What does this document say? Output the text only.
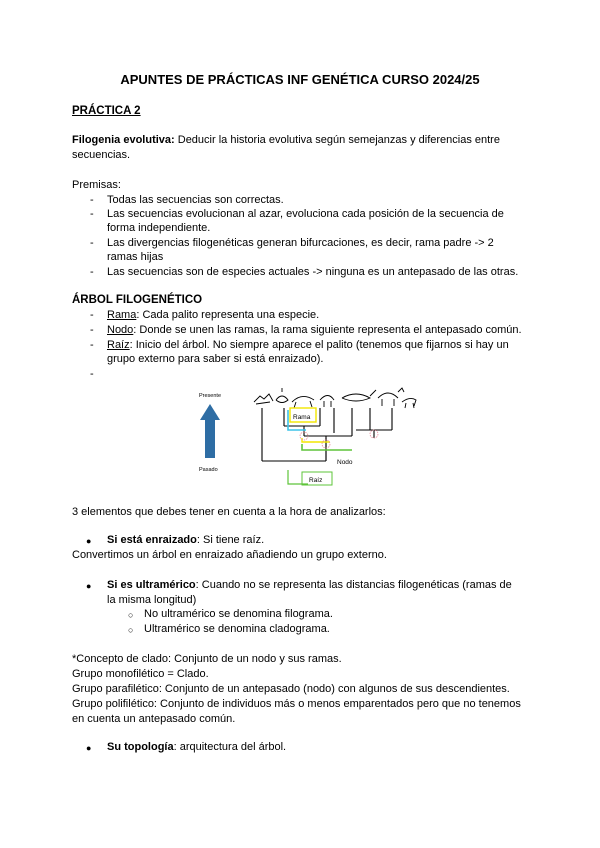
APUNTES DE PRÁCTICAS INF GENÉTICA CURSO 2024/25
PRÁCTICA 2
Filogenia evolutiva: Deducir la historia evolutiva según semejanzas y diferencias entre
secuencias.
Premisas:
- Todas las secuencias son correctas.
- Las secuencias evolucionan al azar, evoluciona cada posición de la secuencia de
forma independiente.
- Las divergencias filogenéticas generan bifurcaciones, es decir, rama padre -> 2
ramas hijas
- Las secuencias son de especies actuales -> ninguna es un antepasado de las otras.
ÁRBOL FILOGENÉTICO
- Rama: Cada palito representa una especie.
- Nodo: Donde se unen las ramas, la rama siguiente representa el antepasado común.
- Raíz: Inicio del árbol. No siempre aparece el palito (tenemos que fijarnos si hay un
grupo externo para saber si está enraizado).
-
Presente
Pasado
Rama
Nodo
Raíz
3 elementos que debes tener en cuenta a la hora de analizarlos:
● Si está enraizado: Si tiene raíz.
Convertimos un árbol en enraizado añadiendo un grupo externo.
● Si es ultramérico: Cuando no se representa las distancias filogenéticas (ramas de
la misma longitud)
○ No ultramérico se denomina filograma.
○ Ultramérico se denomina cladograma.
*Concepto de clado: Conjunto de un nodo y sus ramas.
Grupo monofilético = Clado.
Grupo parafilético: Conjunto de un antepasado (nodo) con algunos de sus descendientes.
Grupo polifilético: Conjunto de individuos más o menos emparentados pero que no tenemos
en cuenta un antepasado común.
● Su topología: arquitectura del árbol.
